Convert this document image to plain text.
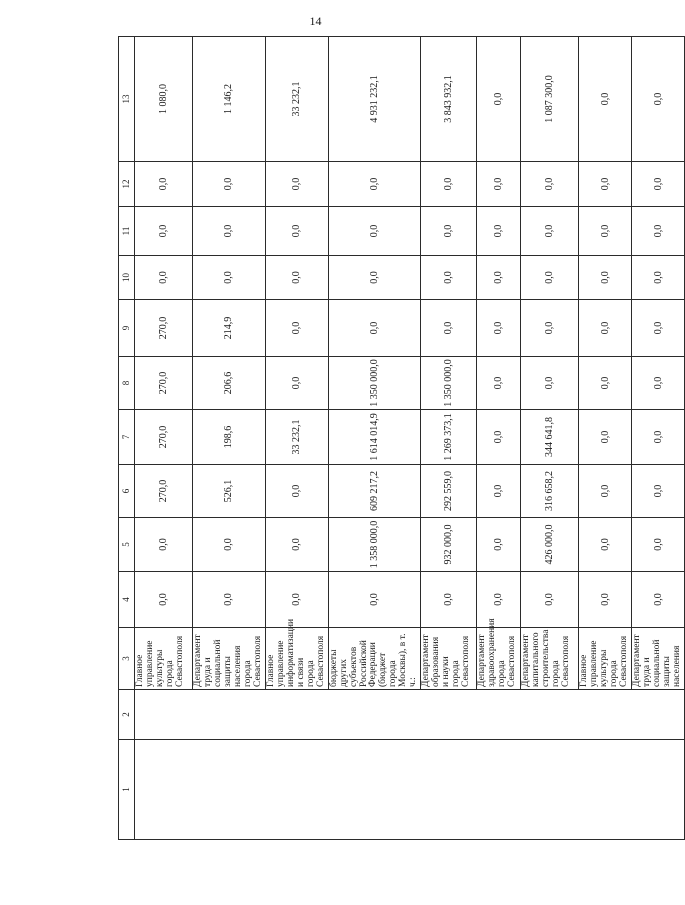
14
1	2	3	4	5	6	7	8	9	10	11	12	13
		Главное управление культуры города Севастополя	0,0	0,0	270,0	270,0	270,0	270,0	0,0	0,0	0,0	1 080,0
		Департамент труда и социальной защиты населения города Севастополя	0,0	0,0	526,1	198,6	206,6	214,9	0,0	0,0	0,0	1 146,2
		Главное управление информатизации и связи города Севастополя	0,0	0,0	0,0	33 232,1	0,0	0,0	0,0	0,0	0,0	33 232,1
		бюджеты других субъектов Российской Федерации (бюджет города Москвы), в т. ч.:	0,0	1 358 000,0	609 217,2	1 614 014,9	1 350 000,0	0,0	0,0	0,0	0,0	4 931 232,1
		Департамент образования и науки города Севастополя	0,0	932 000,0	292 559,0	1 269 373,1	1 350 000,0	0,0	0,0	0,0	0,0	3 843 932,1
		Департамент здравоохранения города Севастополя	0,0	0,0	0,0	0,0	0,0	0,0	0,0	0,0	0,0	0,0
		Департамент капитального строительства города Севастополя	0,0	426 000,0	316 658,2	344 641,8	0,0	0,0	0,0	0,0	0,0	1 087 300,0
		Главное управление культуры города Севастополя	0,0	0,0	0,0	0,0	0,0	0,0	0,0	0,0	0,0	0,0
		Департамент труда и социальной защиты населения	0,0	0,0	0,0	0,0	0,0	0,0	0,0	0,0	0,0	0,0
